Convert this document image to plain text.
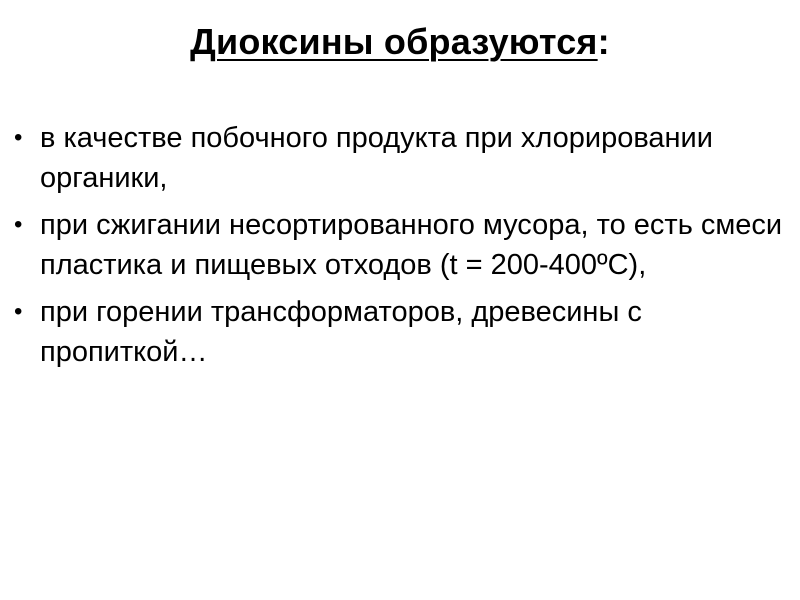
Диоксины образуются:
• в качестве побочного продукта при хлорировании органики,
• при сжигании несортированного мусора, то есть смеси пластика и пищевых отходов (t = 200-400ºC),
• при горении трансформаторов, древесины с пропиткой…
